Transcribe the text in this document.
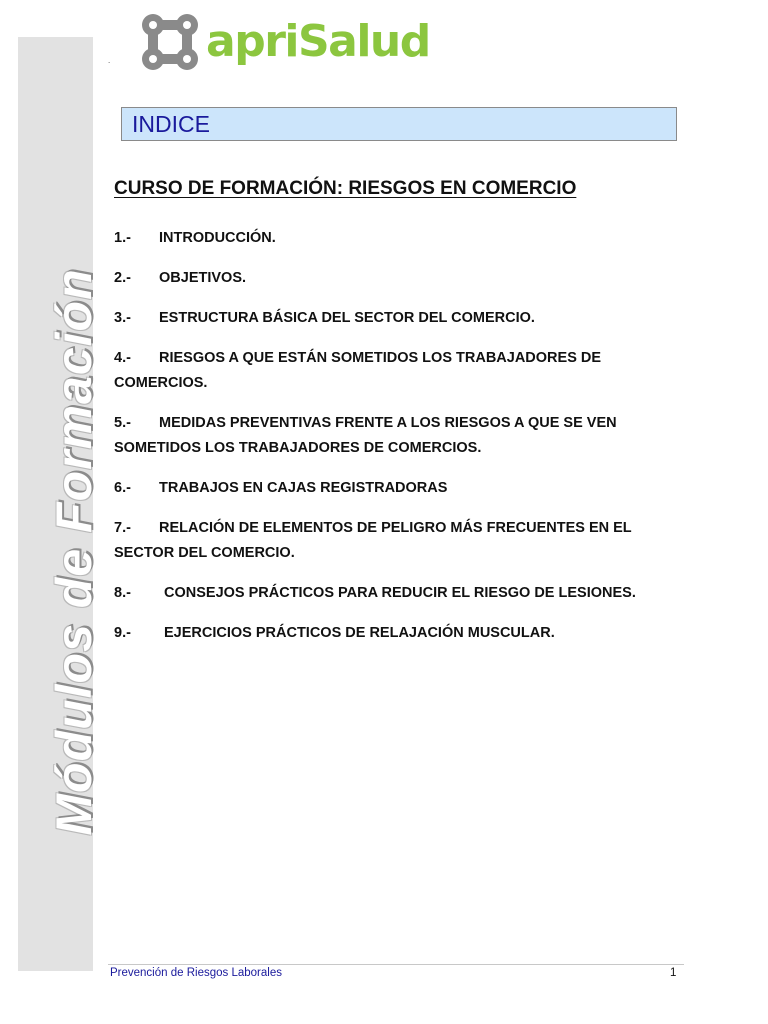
Módulos de Formación
apriSalud
.
INDICE
CURSO DE FORMACIÓN: RIESGOS EN COMERCIO
1.- INTRODUCCIÓN.
2.- OBJETIVOS.
3.- ESTRUCTURA BÁSICA DEL SECTOR DEL COMERCIO.
4.- RIESGOS A QUE ESTÁN SOMETIDOS LOS TRABAJADORES DE COMERCIOS.
5.- MEDIDAS PREVENTIVAS FRENTE A LOS RIESGOS A QUE SE VEN SOMETIDOS LOS TRABAJADORES DE COMERCIOS.
6.- TRABAJOS EN CAJAS REGISTRADORAS
7.- RELACIÓN DE ELEMENTOS DE PELIGRO MÁS FRECUENTES EN EL SECTOR DEL COMERCIO.
8.- CONSEJOS PRÁCTICOS PARA REDUCIR EL RIESGO DE LESIONES.
9.- EJERCICIOS PRÁCTICOS DE RELAJACIÓN MUSCULAR.
Prevención de Riesgos Laborales	1
